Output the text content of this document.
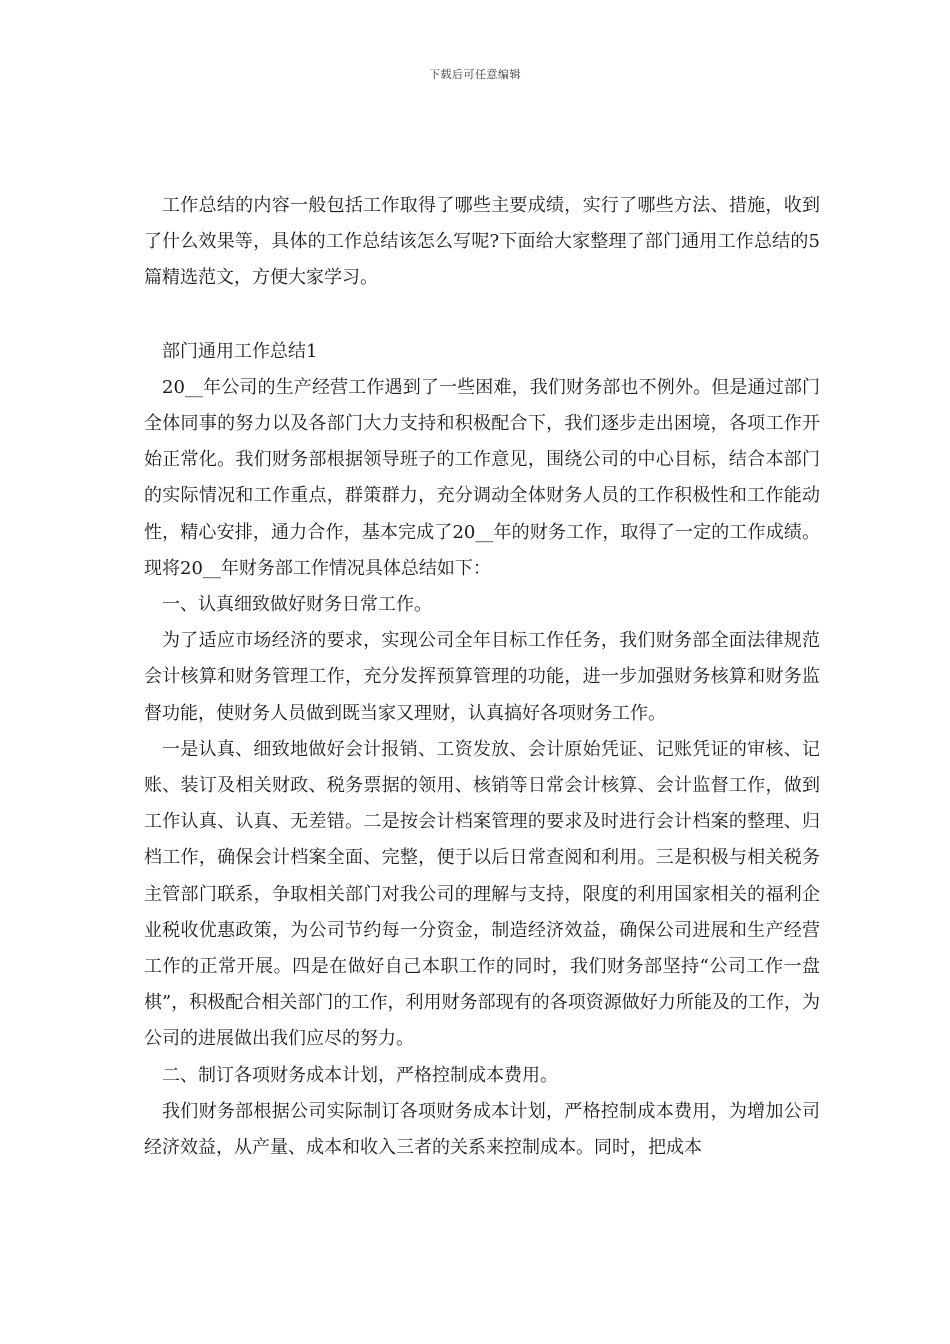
下载后可任意编辑

工作总结的内容一般包括工作取得了哪些主要成绩，实行了哪些方法、措施，收到了什么效果等，具体的工作总结该怎么写呢?下面给大家整理了部门通用工作总结的5篇精选范文，方便大家学习。

部门通用工作总结1

20__年公司的生产经营工作遇到了一些困难，我们财务部也不例外。但是通过部门全体同事的努力以及各部门大力支持和积极配合下，我们逐步走出困境，各项工作开始正常化。我们财务部根据领导班子的工作意见，围绕公司的中心目标，结合本部门的实际情况和工作重点，群策群力，充分调动全体财务人员的工作积极性和工作能动性，精心安排，通力合作，基本完成了20__年的财务工作，取得了一定的工作成绩。现将20__年财务部工作情况具体总结如下：

一、认真细致做好财务日常工作。

为了适应市场经济的要求，实现公司全年目标工作任务，我们财务部全面法律规范会计核算和财务管理工作，充分发挥预算管理的功能，进一步加强财务核算和财务监督功能，使财务人员做到既当家又理财，认真搞好各项财务工作。

一是认真、细致地做好会计报销、工资发放、会计原始凭证、记账凭证的审核、记账、装订及相关财政、税务票据的领用、核销等日常会计核算、会计监督工作，做到工作认真、认真、无差错。二是按会计档案管理的要求及时进行会计档案的整理、归档工作，确保会计档案全面、完整，便于以后日常查阅和利用。三是积极与相关税务主管部门联系，争取相关部门对我公司的理解与支持，限度的利用国家相关的福利企业税收优惠政策，为公司节约每一分资金，制造经济效益，确保公司进展和生产经营工作的正常开展。四是在做好自己本职工作的同时，我们财务部坚持“公司工作一盘棋”，积极配合相关部门的工作，利用财务部现有的各项资源做好力所能及的工作，为公司的进展做出我们应尽的努力。

二、制订各项财务成本计划，严格控制成本费用。

我们财务部根据公司实际制订各项财务成本计划，严格控制成本费用，为增加公司经济效益，从产量、成本和收入三者的关系来控制成本。同时，把成本
